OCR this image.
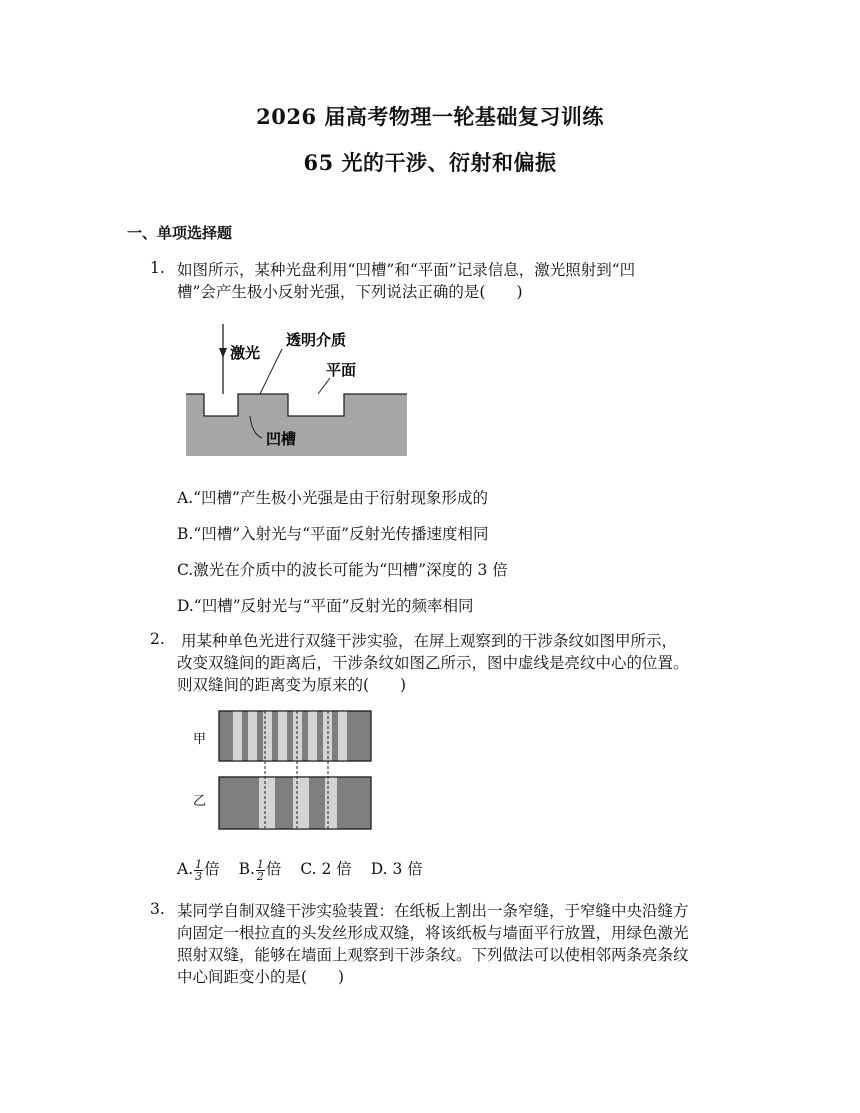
2026 届高考物理一轮基础复习训练
65 光的干涉、衍射和偏振
一、单项选择题
1. 如图所示，某种光盘利用“凹槽”和“平面”记录信息，激光照射到“凹
槽”会产生极小反射光强，下列说法正确的是(　　)
激光
透明介质
平面
凹槽
A.“凹槽”产生极小光强是由于衍射现象形成的
B.“凹槽”入射光与“平面”反射光传播速度相同
C.激光在介质中的波长可能为“凹槽”深度的 3 倍
D.“凹槽”反射光与“平面”反射光的频率相同
2. 用某种单色光进行双缝干涉实验，在屏上观察到的干涉条纹如图甲所示，
改变双缝间的距离后，干涉条纹如图乙所示，图中虚线是亮纹中心的位置。
则双缝间的距离变为原来的(　　)
甲
乙
A. $\frac{1}{3}$ 倍 B. $\frac{1}{2}$ 倍 C. 2 倍 D. 3 倍
3. 某同学自制双缝干涉实验装置：在纸板上割出一条窄缝，于窄缝中央沿缝方
向固定一根拉直的头发丝形成双缝，将该纸板与墙面平行放置，用绿色激光
照射双缝，能够在墙面上观察到干涉条纹。下列做法可以使相邻两条亮条纹
中心间距变小的是(　　)
